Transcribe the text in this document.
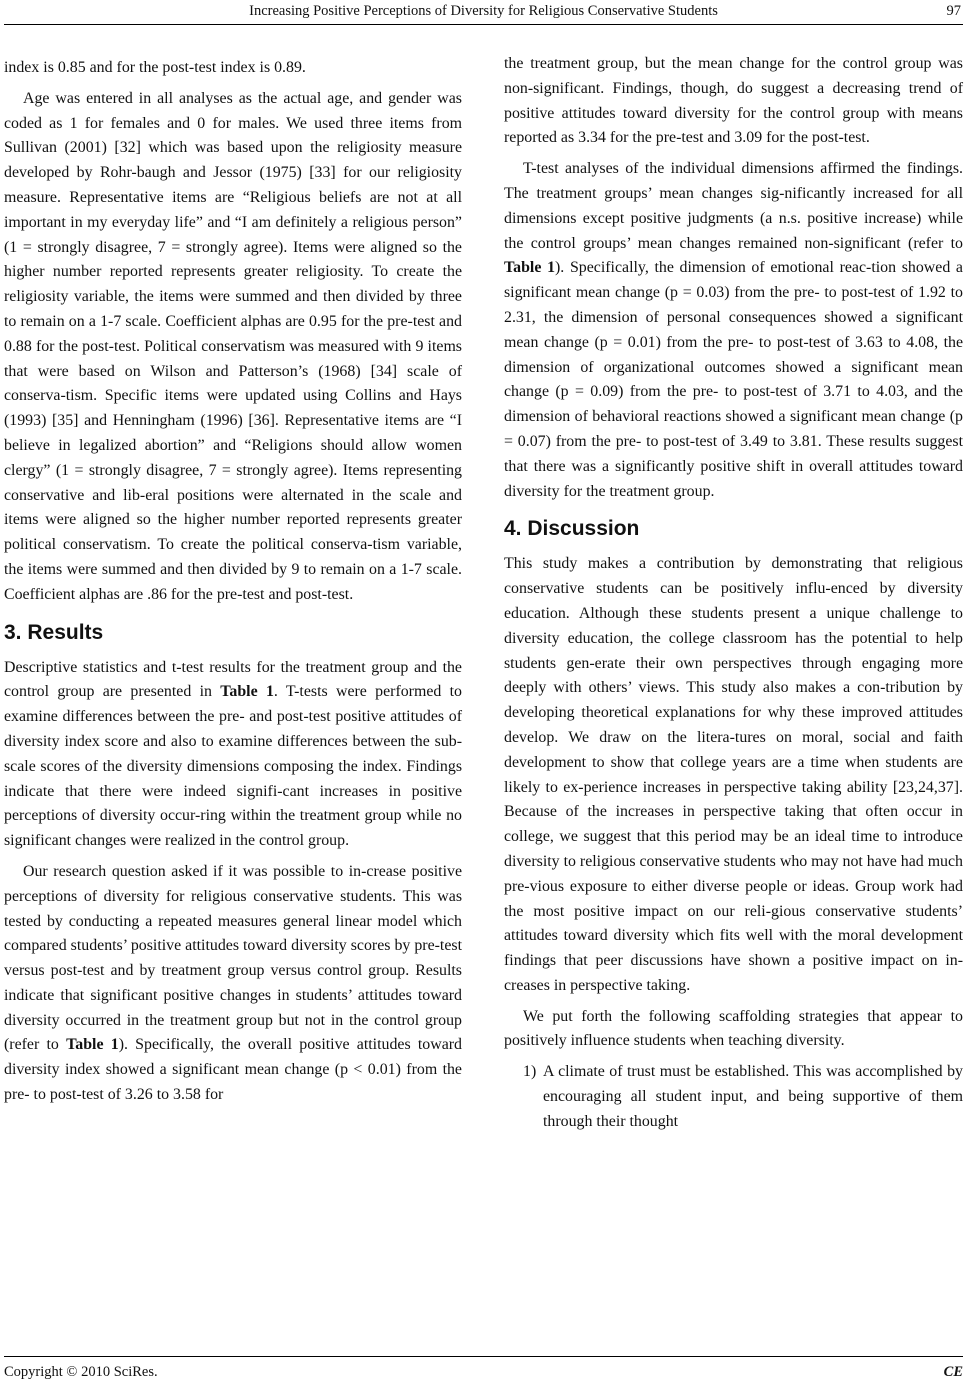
Increasing Positive Perceptions of Diversity for Religious Conservative Students	97

index is 0.85 and for the post-test index is 0.89.

Age was entered in all analyses as the actual age, and gender was coded as 1 for females and 0 for males. We used three items from Sullivan (2001) [32] which was based upon the religiosity measure developed by Rohr-baugh and Jessor (1975) [33] for our religiosity measure. Representative items are “Religious beliefs are not at all important in my everyday life” and “I am definitely a religious person” (1 = strongly disagree, 7 = strongly agree). Items were aligned so the higher number reported represents greater religiosity. To create the religiosity variable, the items were summed and then divided by three to remain on a 1-7 scale. Coefficient alphas are 0.95 for the pre-test and 0.88 for the post-test. Political conservatism was measured with 9 items that were based on Wilson and Patterson’s (1968) [34] scale of conserva-tism. Specific items were updated using Collins and Hays (1993) [35] and Henningham (1996) [36]. Representative items are “I believe in legalized abortion” and “Religions should allow women clergy” (1 = strongly disagree, 7 = strongly agree). Items representing conservative and lib-eral positions were alternated in the scale and items were aligned so the higher number reported represents greater political conservatism. To create the political conserva-tism variable, the items were summed and then divided by 9 to remain on a 1-7 scale. Coefficient alphas are .86 for the pre-test and post-test.

3. Results

Descriptive statistics and t-test results for the treatment group and the control group are presented in Table 1. T-tests were performed to examine differences between the pre- and post-test positive attitudes of diversity index score and also to examine differences between the sub-scale scores of the diversity dimensions composing the index. Findings indicate that there were indeed signifi-cant increases in positive perceptions of diversity occur-ring within the treatment group while no significant changes were realized in the control group.

Our research question asked if it was possible to in-crease positive perceptions of diversity for religious conservative students. This was tested by conducting a repeated measures general linear model which compared students’ positive attitudes toward diversity scores by pre-test versus post-test and by treatment group versus control group. Results indicate that significant positive changes in students’ attitudes toward diversity occurred in the treatment group but not in the control group (refer to Table 1). Specifically, the overall positive attitudes toward diversity index showed a significant mean change (p < 0.01) from the pre- to post-test of 3.26 to 3.58 for

the treatment group, but the mean change for the control group was non-significant. Findings, though, do suggest a decreasing trend of positive attitudes toward diversity for the control group with means reported as 3.34 for the pre-test and 3.09 for the post-test.

T-test analyses of the individual dimensions affirmed the findings. The treatment groups’ mean changes sig-nificantly increased for all dimensions except positive judgments (a n.s. positive increase) while the control groups’ mean changes remained non-significant (refer to Table 1). Specifically, the dimension of emotional reac-tion showed a significant mean change (p = 0.03) from the pre- to post-test of 1.92 to 2.31, the dimension of personal consequences showed a significant mean change (p = 0.01) from the pre- to post-test of 3.63 to 4.08, the dimension of organizational outcomes showed a significant mean change (p = 0.09) from the pre- to post-test of 3.71 to 4.03, and the dimension of behavioral reactions showed a significant mean change (p = 0.07) from the pre- to post-test of 3.49 to 3.81. These results suggest that there was a significantly positive shift in overall attitudes toward diversity for the treatment group.

4. Discussion

This study makes a contribution by demonstrating that religious conservative students can be positively influ-enced by diversity education. Although these students present a unique challenge to diversity education, the college classroom has the potential to help students gen-erate their own perspectives through engaging more deeply with others’ views. This study also makes a con-tribution by developing theoretical explanations for why these improved attitudes develop. We draw on the litera-tures on moral, social and faith development to show that college years are a time when students are likely to ex-perience increases in perspective taking ability [23,24,37]. Because of the increases in perspective taking that often occur in college, we suggest that this period may be an ideal time to introduce diversity to religious conservative students who may not have had much pre-vious exposure to either diverse people or ideas. Group work had the most positive impact on our reli-gious conservative students’ attitudes toward diversity which fits well with the moral development findings that peer discussions have shown a positive impact on in-creases in perspective taking.

We put forth the following scaffolding strategies that appear to positively influence students when teaching diversity.

1) A climate of trust must be established. This was accomplished by encouraging all student input, and being supportive of them through their thought
Copyright © 2010 SciRes.	CE
